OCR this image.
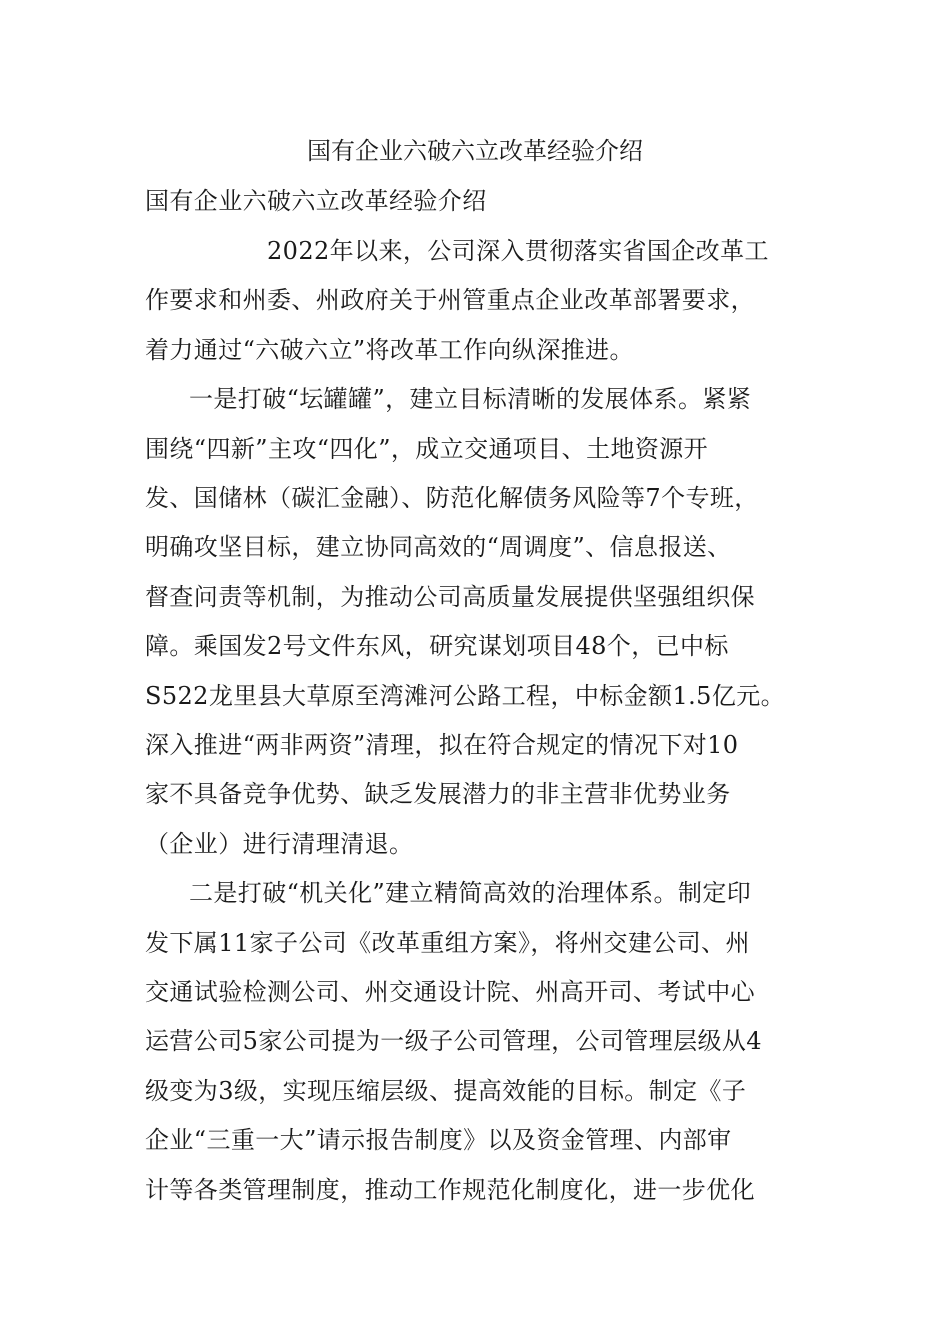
国有企业六破六立改革经验介绍
国有企业六破六立改革经验介绍
2022年以来，公司深入贯彻落实省国企改革工
作要求和州委、州政府关于州管重点企业改革部署要求，
着力通过“六破六立”将改革工作向纵深推进。
一是打破“坛罐罐”，建立目标清晰的发展体系。紧紧
围绕“四新”主攻“四化”，成立交通项目、土地资源开
发、国储林（碳汇金融）、防范化解债务风险等7个专班，
明确攻坚目标，建立协同高效的“周调度”、信息报送、
督查问责等机制，为推动公司高质量发展提供坚强组织保
障。乘国发2号文件东风，研究谋划项目48个，已中标
S522龙里县大草原至湾滩河公路工程，中标金额1.5亿元。
深入推进“两非两资”清理，拟在符合规定的情况下对10
家不具备竞争优势、缺乏发展潜力的非主营非优势业务
（企业）进行清理清退。
二是打破“机关化”建立精简高效的治理体系。制定印
发下属11家子公司《改革重组方案》，将州交建公司、州
交通试验检测公司、州交通设计院、州高开司、考试中心
运营公司5家公司提为一级子公司管理，公司管理层级从4
级变为3级，实现压缩层级、提高效能的目标。制定《子
企业“三重一大”请示报告制度》以及资金管理、内部审
计等各类管理制度，推动工作规范化制度化，进一步优化
